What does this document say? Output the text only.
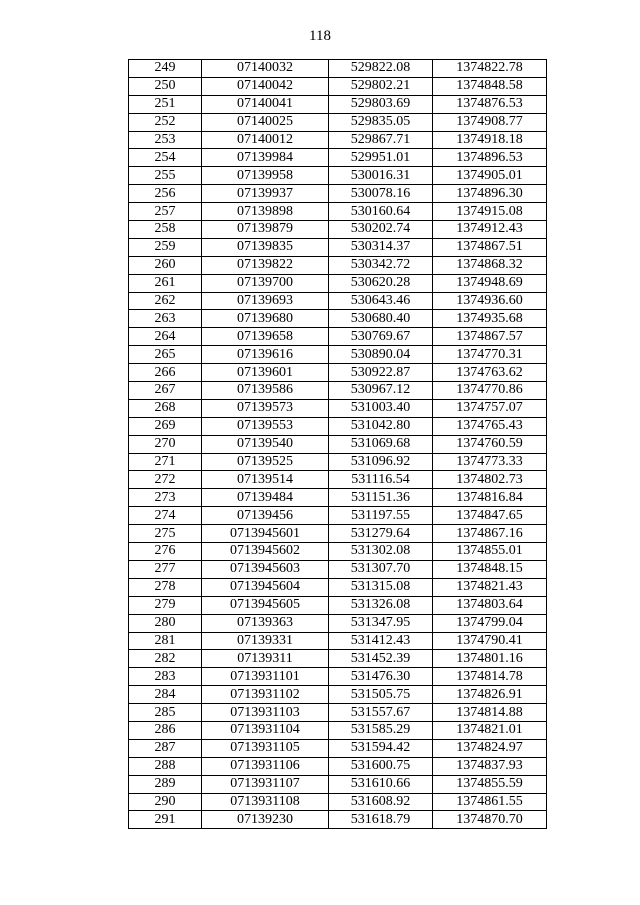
118
249	07140032	529822.08	1374822.78
250	07140042	529802.21	1374848.58
251	07140041	529803.69	1374876.53
252	07140025	529835.05	1374908.77
253	07140012	529867.71	1374918.18
254	07139984	529951.01	1374896.53
255	07139958	530016.31	1374905.01
256	07139937	530078.16	1374896.30
257	07139898	530160.64	1374915.08
258	07139879	530202.74	1374912.43
259	07139835	530314.37	1374867.51
260	07139822	530342.72	1374868.32
261	07139700	530620.28	1374948.69
262	07139693	530643.46	1374936.60
263	07139680	530680.40	1374935.68
264	07139658	530769.67	1374867.57
265	07139616	530890.04	1374770.31
266	07139601	530922.87	1374763.62
267	07139586	530967.12	1374770.86
268	07139573	531003.40	1374757.07
269	07139553	531042.80	1374765.43
270	07139540	531069.68	1374760.59
271	07139525	531096.92	1374773.33
272	07139514	531116.54	1374802.73
273	07139484	531151.36	1374816.84
274	07139456	531197.55	1374847.65
275	0713945601	531279.64	1374867.16
276	0713945602	531302.08	1374855.01
277	0713945603	531307.70	1374848.15
278	0713945604	531315.08	1374821.43
279	0713945605	531326.08	1374803.64
280	07139363	531347.95	1374799.04
281	07139331	531412.43	1374790.41
282	07139311	531452.39	1374801.16
283	0713931101	531476.30	1374814.78
284	0713931102	531505.75	1374826.91
285	0713931103	531557.67	1374814.88
286	0713931104	531585.29	1374821.01
287	0713931105	531594.42	1374824.97
288	0713931106	531600.75	1374837.93
289	0713931107	531610.66	1374855.59
290	0713931108	531608.92	1374861.55
291	07139230	531618.79	1374870.70
